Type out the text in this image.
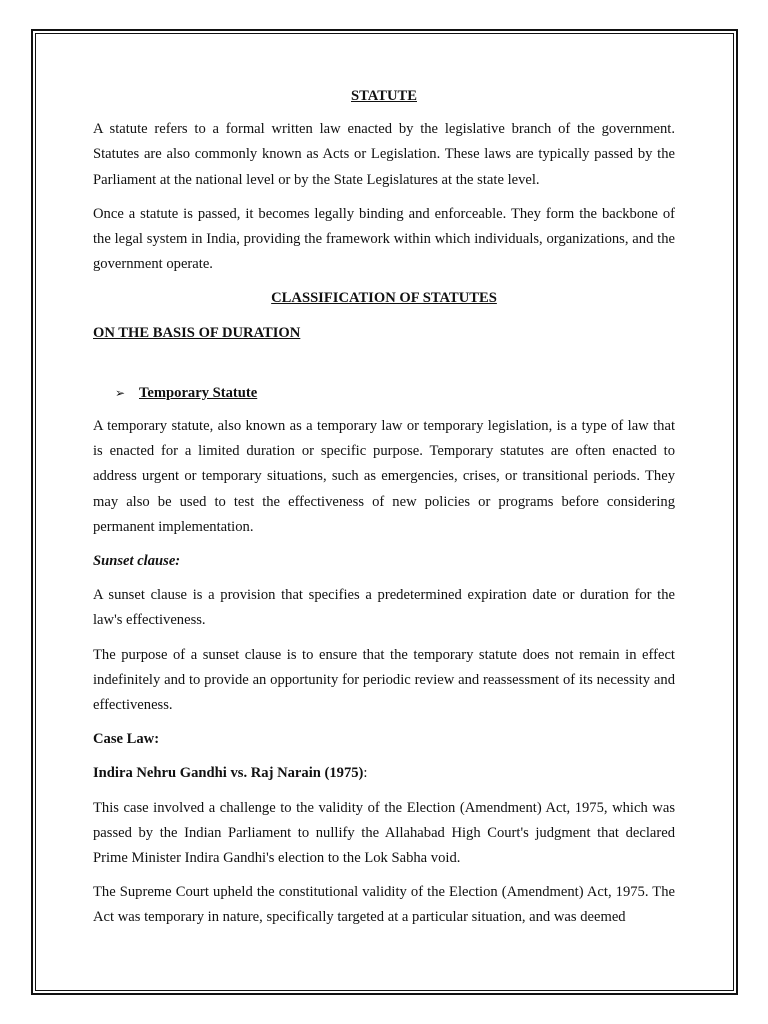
STATUTE

A statute refers to a formal written law enacted by the legislative branch of the government. Statutes are also commonly known as Acts or Legislation. These laws are typically passed by the Parliament at the national level or by the State Legislatures at the state level.

Once a statute is passed, it becomes legally binding and enforceable. They form the backbone of the legal system in India, providing the framework within which individuals, organizations, and the government operate.

CLASSIFICATION OF STATUTES

ON THE BASIS OF DURATION

➢ Temporary Statute

A temporary statute, also known as a temporary law or temporary legislation, is a type of law that is enacted for a limited duration or specific purpose. Temporary statutes are often enacted to address urgent or temporary situations, such as emergencies, crises, or transitional periods. They may also be used to test the effectiveness of new policies or programs before considering permanent implementation.

Sunset clause:

A sunset clause is a provision that specifies a predetermined expiration date or duration for the law's effectiveness.

The purpose of a sunset clause is to ensure that the temporary statute does not remain in effect indefinitely and to provide an opportunity for periodic review and reassessment of its necessity and effectiveness.

Case Law:

Indira Nehru Gandhi vs. Raj Narain (1975):

This case involved a challenge to the validity of the Election (Amendment) Act, 1975, which was passed by the Indian Parliament to nullify the Allahabad High Court's judgment that declared Prime Minister Indira Gandhi's election to the Lok Sabha void.

The Supreme Court upheld the constitutional validity of the Election (Amendment) Act, 1975. The Act was temporary in nature, specifically targeted at a particular situation, and was deemed
